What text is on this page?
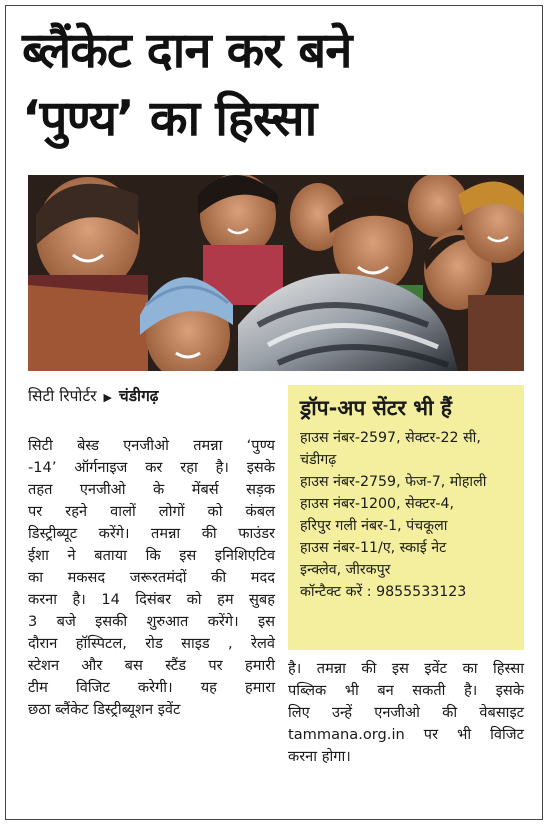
ब्लैंकेट दान कर बने
‘पुण्य’ का हिस्सा
सिटी रिपोर्टर ▶ चंडीगढ़

सिटी बेस्ड एनजीओ तमन्ना ‘पुण्य
-14’ ऑर्गनाइज कर रहा है। इसके
तहत एनजीओ के मेंबर्स सड़क
पर रहने वालों लोगों को कंबल
डिस्ट्रीब्यूट करेंगे। तमन्ना की फाउंडर
ईशा ने बताया कि इस इनिशिएटिव
का मकसद जरूरतमंदों की मदद
करना है। 14 दिसंबर को हम सुबह
3 बजे इसकी शुरुआत करेंगे। इस
दौरान हॉस्पिटल, रोड साइड , रेलवे
स्टेशन और बस स्टैंड पर हमारी
टीम विजिट करेगी। यह हमारा
छठा ब्लैंकेट डिस्ट्रीब्यूशन इवेंट

ड्रॉप-अप सेंटर भी हैं

हाउस नंबर-2597, सेक्टर-22 सी,

चंडीगढ़

हाउस नंबर-2759, फेज-7, मोहाली

हाउस नंबर-1200, सेक्टर-4,

हरिपुर गली नंबर-1, पंचकूला

हाउस नंबर-11/ए, स्काई नेट

इन्क्लेव, जीरकपुर

कॉन्टैक्ट करें : 9855533123

है। तमन्ना की इस इवेंट का हिस्सा
पब्लिक भी बन सकती है। इसके
लिए उन्हें एनजीओ की वेबसाइट
tammana.org.in पर भी विजिट
करना होगा।
